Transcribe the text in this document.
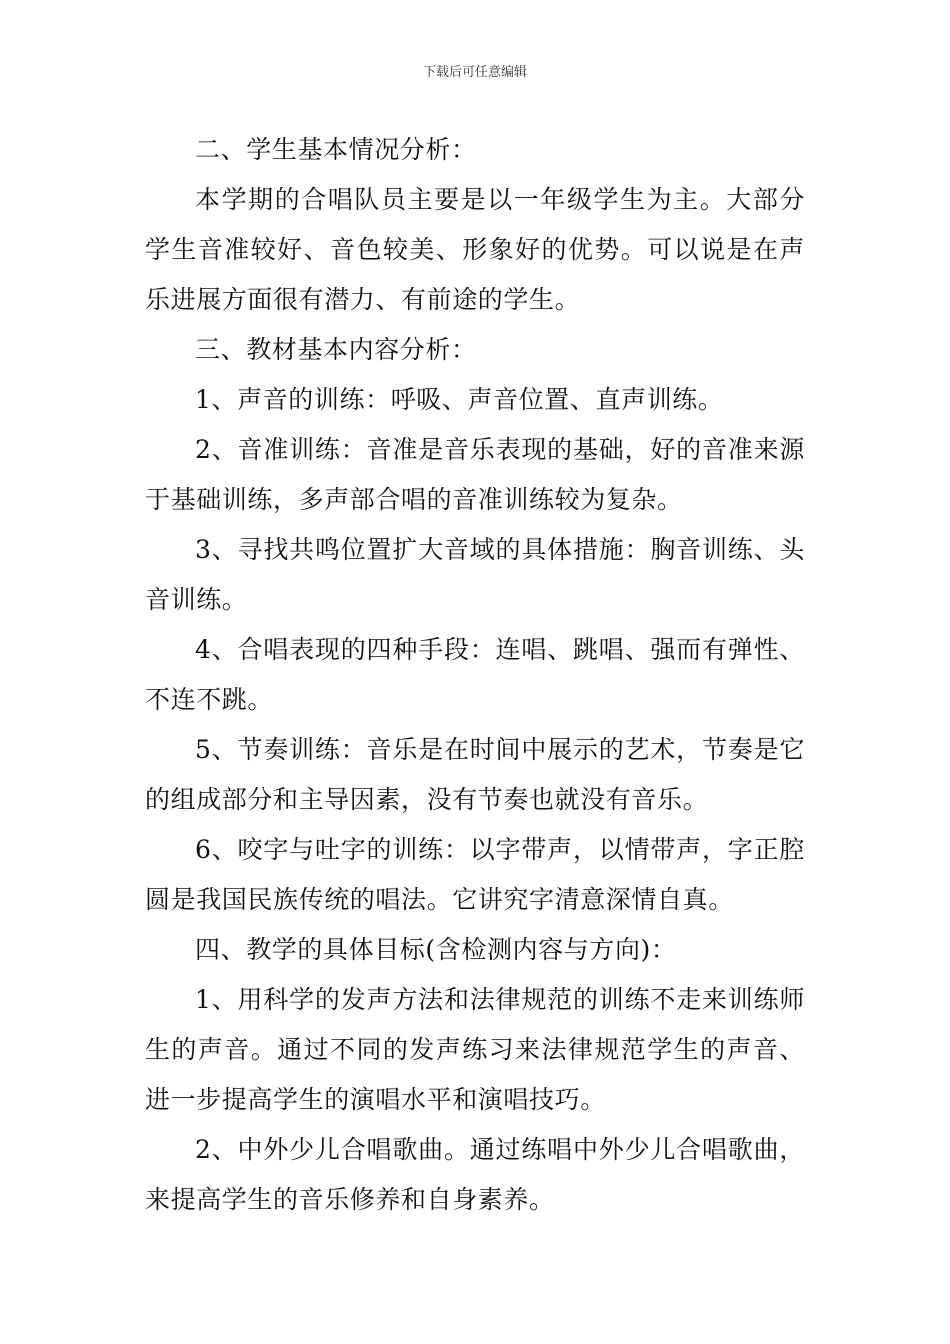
下载后可任意编辑

二、学生基本情况分析：

本学期的合唱队员主要是以一年级学生为主。大部分学生音准较好、音色较美、形象好的优势。可以说是在声乐进展方面很有潜力、有前途的学生。

三、教材基本内容分析：

1、声音的训练：呼吸、声音位置、直声训练。

2、音准训练：音准是音乐表现的基础，好的音准来源于基础训练，多声部合唱的音准训练较为复杂。

3、寻找共鸣位置扩大音域的具体措施：胸音训练、头音训练。

4、合唱表现的四种手段：连唱、跳唱、强而有弹性、不连不跳。

5、节奏训练：音乐是在时间中展示的艺术，节奏是它的组成部分和主导因素，没有节奏也就没有音乐。

6、咬字与吐字的训练：以字带声，以情带声，字正腔圆是我国民族传统的唱法。它讲究字清意深情自真。

四、教学的具体目标(含检测内容与方向)：

1、用科学的发声方法和法律规范的训练不走来训练师生的声音。通过不同的发声练习来法律规范学生的声音、进一步提高学生的演唱水平和演唱技巧。

2、中外少儿合唱歌曲。通过练唱中外少儿合唱歌曲，来提高学生的音乐修养和自身素养。
